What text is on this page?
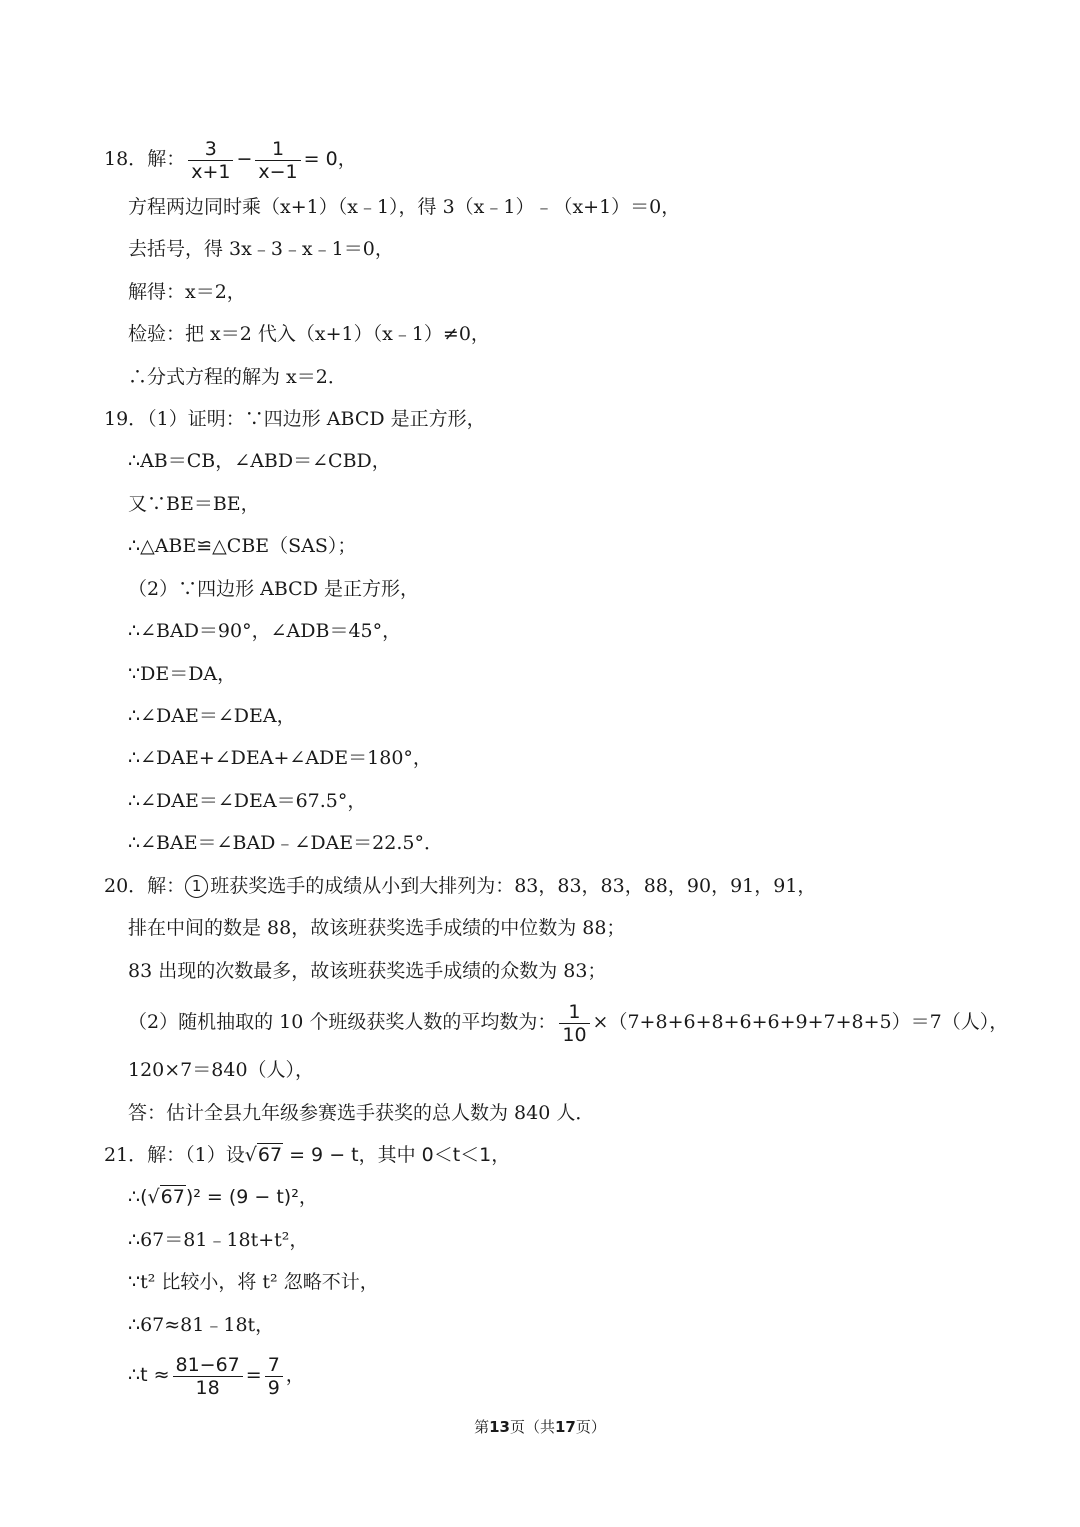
18．解： $\frac{3}{x+1} - \frac{1}{x-1} = 0$，
方程两边同时乘（x+1）（x﹣1），得 3（x﹣1）﹣（x+1）＝0，
去括号，得 3x﹣3﹣x﹣1＝0，
解得：x＝2，
检验：把 x＝2 代入（x+1）（x﹣1）≠0，
∴分式方程的解为 x＝2．
19．（1）证明：∵四边形 ABCD 是正方形，
∴AB＝CB，∠ABD＝∠CBD，
又∵BE＝BE，
∴△ABE≌△CBE（SAS）；
（2）∵四边形 ABCD 是正方形，
∴∠BAD＝90°，∠ADB＝45°，
∵DE＝DA，
∴∠DAE＝∠DEA，
∴∠DAE+∠DEA+∠ADE＝180°，
∴∠DAE＝∠DEA＝67.5°，
∴∠BAE＝∠BAD﹣∠DAE＝22.5°．
20．解： 1 班获奖选手的成绩从小到大排列为：83，83，83，88，90，91，91，
排在中间的数是 88，故该班获奖选手成绩的中位数为 88；
83 出现的次数最多，故该班获奖选手成绩的众数为 83；
（2）随机抽取的 10 个班级获奖人数的平均数为： $\frac{1}{10} \times(7+8+6+8+6+6+9+7+8+5)=7$（人），
120×7＝840（人），
答：估计全县九年级参赛选手获奖的总人数为 840 人．
21．解：（1）设√67 = 9 − t，其中 0＜t＜1，
∴(√67)² = (9 − t)²，
∴67＝81﹣18t+t²，
∵t² 比较小，将 t² 忽略不计，
∴67≈81﹣18t，
∴t ≈ $\frac{81-67}{18} = \frac{7}{9}$ ，
第13页（共17页）
